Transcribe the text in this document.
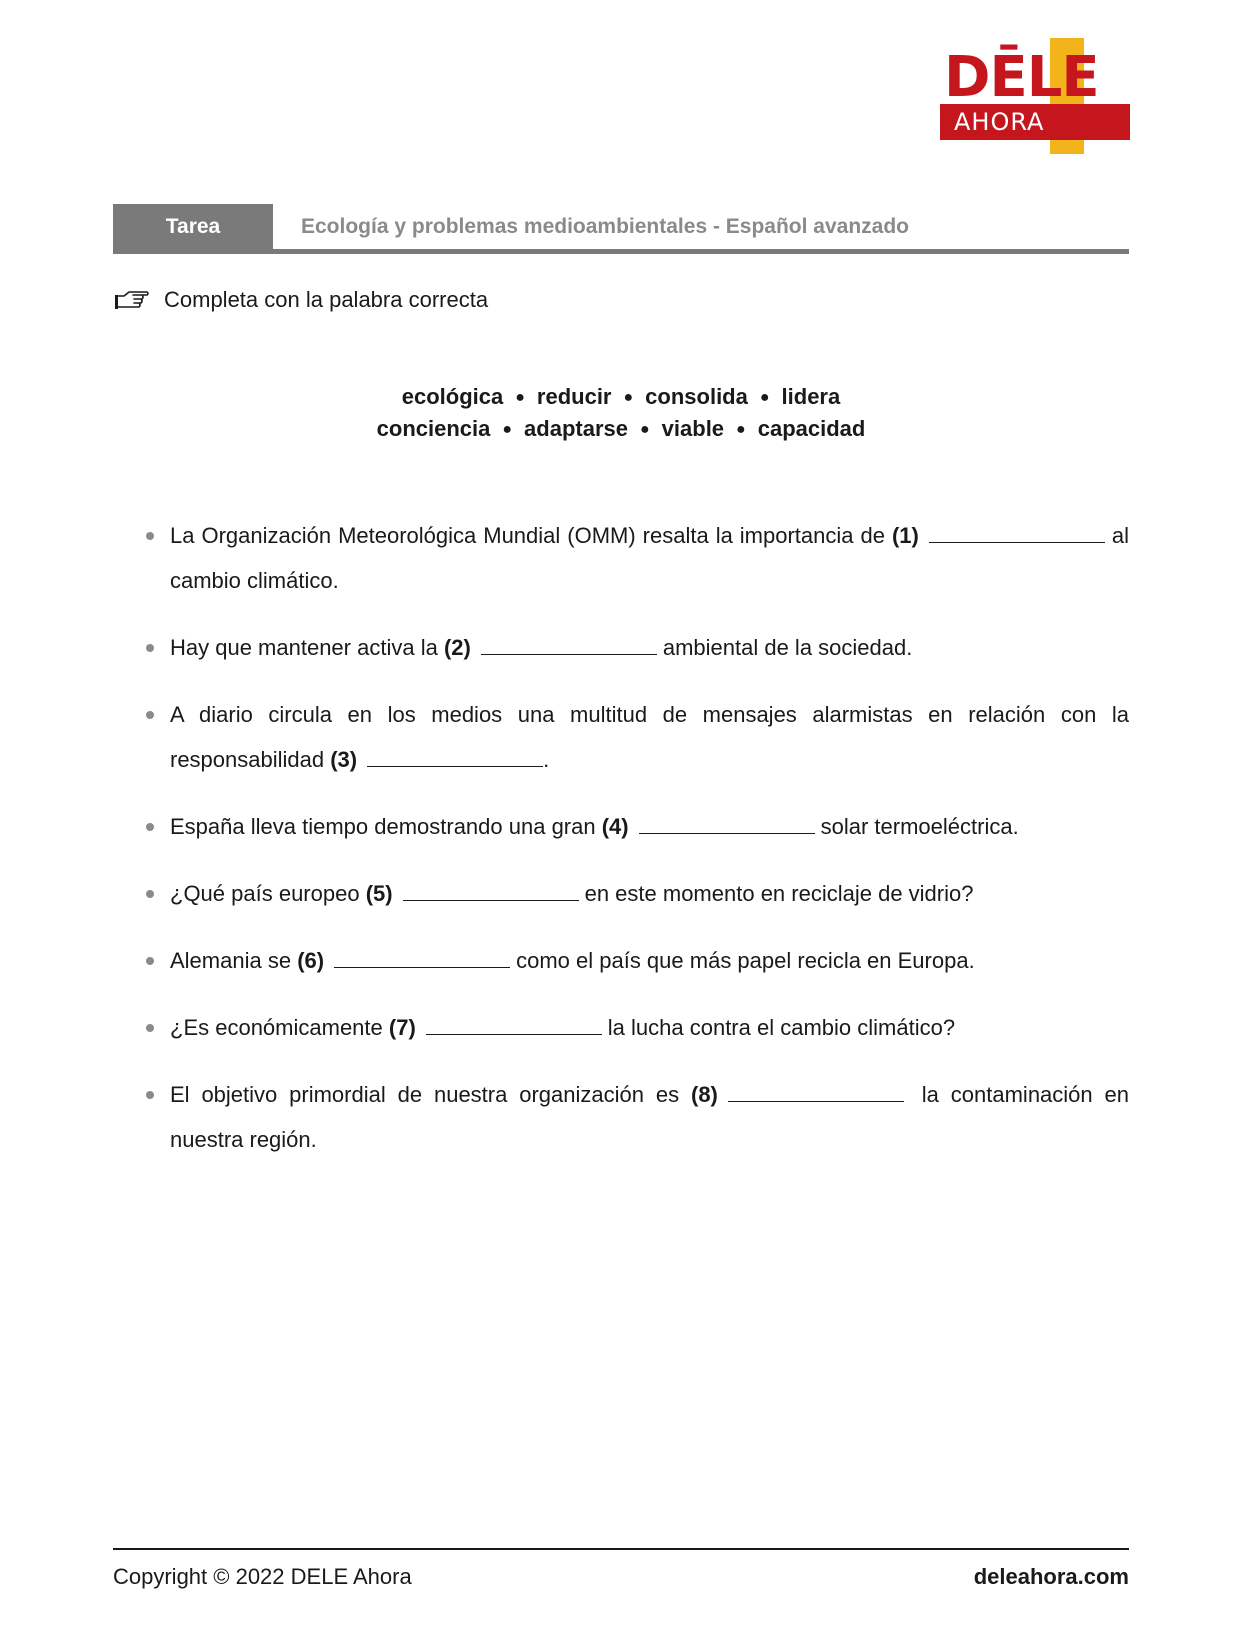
DĒLE
AHORA
Tarea	Ecología y problemas medioambientales - Español avanzado
Completa con la palabra correcta
ecológica ● reducir ● consolida ● lidera
conciencia ● adaptarse ● viable ● capacidad
La Organización Meteorológica Mundial (OMM) resalta la importancia de (1)	al cambio climático.
Hay que mantener activa la (2)	ambiental de la sociedad.
A diario circula en los medios una multitud de mensajes alarmistas en relación con la responsabilidad (3)	.
España lleva tiempo demostrando una gran (4)	solar termoeléctrica.
¿Qué país europeo (5)	en este momento en reciclaje de vidrio?
Alemania se (6)	como el país que más papel recicla en Europa.
¿Es económicamente (7)	la lucha contra el cambio climático?
El objetivo primordial de nuestra organización es (8)	la contaminación en nuestra región.
Copyright © 2022 DELE Ahora	deleahora.com
